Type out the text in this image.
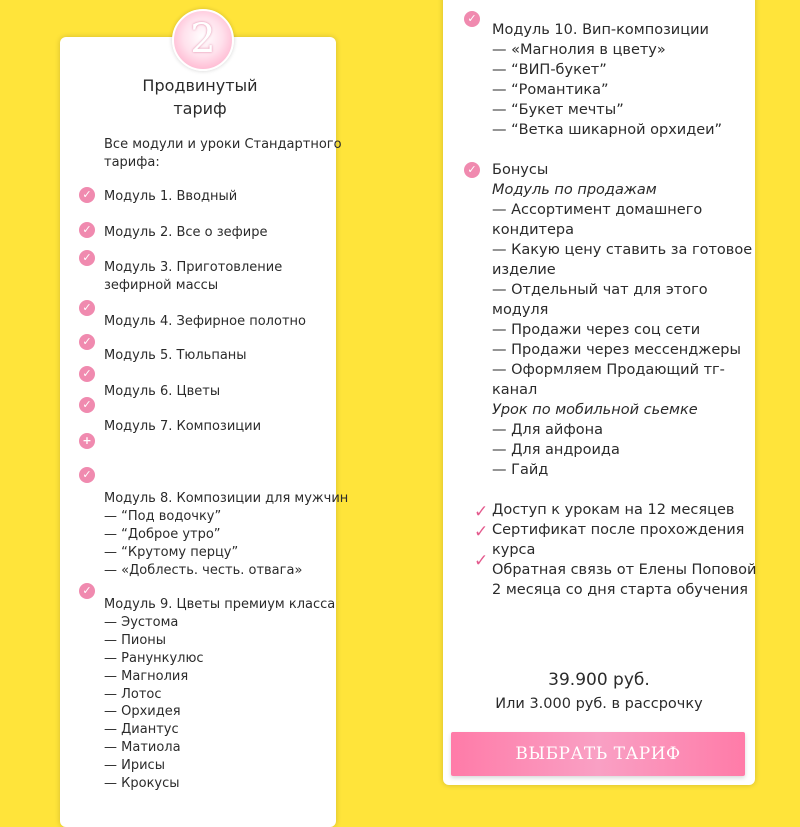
2
Продвинутый
тариф
Все модули и уроки Стандартного
тарифа:
✓ Модуль 1. Вводный
✓ Модуль 2. Все о зефире
✓
Модуль 3. Приготовление
зефирной массы
✓
Модуль 4. Зефирное полотно
✓
Модуль 5. Тюльпаны
✓
Модуль 6. Цветы
✓
Модуль 7. Композиции
+
✓
Модуль 8. Композиции для мужчин
— “Под водочку”
— “Доброе утро”
— “Крутому перцу”
— «Доблесть. честь. отвага»
✓
Модуль 9. Цветы премиум класса
— Эустома
— Пионы
— Ранункулюс
— Магнолия
— Лотос
— Орхидея
— Диантус
— Матиола
— Ирисы
— Крокусы
✓
Модуль 10. Вип-композиции
— «Магнолия в цвету»
— “ВИП-букет”
— “Романтика”
— “Букет мечты”
— “Ветка шикарной орхидеи”
✓ Бонусы
Модуль по продажам
— Ассортимент домашнего
кондитера
— Какую цену ставить за готовое
изделие
— Отдельный чат для этого
модуля
— Продажи через соц сети
— Продажи через мессенджеры
— Оформляем Продающий тг-
канал
Урок по мобильной сьемке
— Для айфона
— Для андроида
— Гайд
✓ Доступ к урокам на 12 месяцев
✓ Сертификат после прохождения
курса
✓ Обратная связь от Елены Поповой
2 месяца со дня старта обучения
39.900 руб.
Или 3.000 руб. в рассрочку
ВЫБРАТЬ ТАРИФ
